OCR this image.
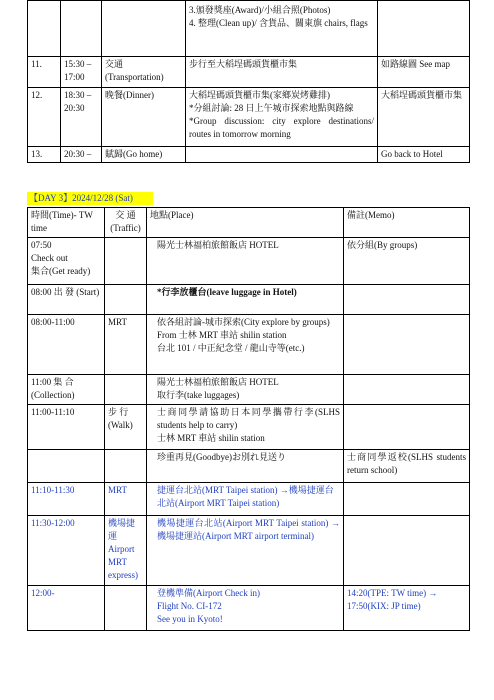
			3.頒發獎座(Award)/小組合照(Photos)
4. 整理(Clean up)/ 含貨品、關東旗 chairs, flags	
11.	15:30 – 17:00	交通 (Transportation)	步行至大稻埕碼頭貨櫃市集	如路線圖 See map
12.	18:30 – 20:30	晚餐(Dinner)	大稻埕碼頭貨櫃市集(家鄉炭烤雞排)
*分組討論: 28 日上午城市探索地點與路線
*Group discussion: city explore destinations/ routes in tomorrow morning	大稻埕碼頭貨櫃市集
13.	20:30 –	賦歸(Go home)		Go back to Hotel
【DAY 3】2024/12/28 (Sat)
時間(Time)- TW time	交 通 (Traffic)	地點(Place)	備註(Memo)
07:50
Check out
集合(Get ready)		陽光士林福柏旅館飯店 HOTEL	依分組(By groups)
08:00 出 發 (Start)		*行李放櫃台(leave luggage in Hotel)	
08:00-11:00	MRT	依各組討論-城市探索(City explore by groups)
From 士林 MRT 車站 shilin station
台北 101 / 中正紀念堂 / 龍山寺等(etc.)	
11:00 集 合 (Collection)		陽光士林福柏旅館飯店 HOTEL
取行李(take luggages)	
11:00-11:10	步 行 (Walk)	士商同學請協助日本同學攜帶行李(SLHS students help to carry)
士林 MRT 車站 shilin station	
		珍重再見(Goodbye)お別れ見送り	士商同學返校(SLHS students return school)
11:10-11:30	MRT	捷運台北站(MRT Taipei station) →機場捷運台北站(Airport MRT Taipei station)	
11:30-12:00	機場捷運 Airport MRT express)	機場捷運台北站(Airport MRT Taipei station) →機場捷運站(Airport MRT airport terminal)	
12:00-		登機準備(Airport Check in)
Flight No. CI-172
See you in Kyoto!	14:20(TPE: TW time) → 17:50(KIX: JP time)
